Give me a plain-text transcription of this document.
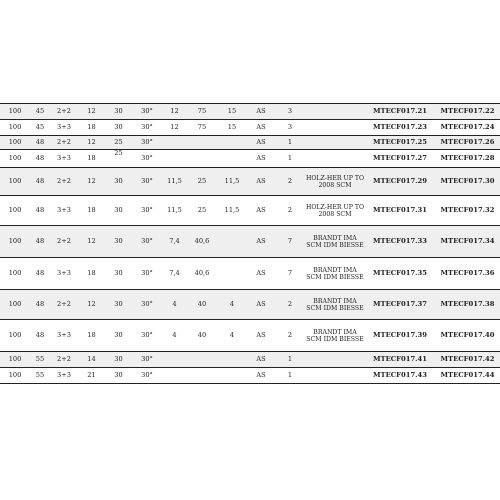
100	45	2+2	12	30	30°	12	75	15	AS	3		MTECF017.21	MTECF017.22
100	45	3+3	18	30	30°	12	75	15	AS	3		MTECF017.23	MTECF017.24
100	48	2+2	12	25	30°				AS	1		MTECF017.25	MTECF017.26
100	48	3+3	18	25	30°				AS	1		MTECF017.27	MTECF017.28
100	48	2+2	12	30	30°	11,5	25	11,5	AS	2	HOLZ-HER UP TO 2008 SCM	MTECF017.29	MTECF017.30
100	48	3+3	18	30	30°	11,5	25	11,5	AS	2	HOLZ-HER UP TO 2008 SCM	MTECF017.31	MTECF017.32
100	48	2+2	12	30	30°	7,4	40,6		AS	7	BRANDT IMA SCM IDM BIESSE	MTECF017.33	MTECF017.34
100	48	3+3	18	30	30°	7,4	40,6		AS	7	BRANDT IMA SCM IDM BIESSE	MTECF017.35	MTECF017.36
100	48	2+2	12	30	30°	4	40	4	AS	2	BRANDT IMA SCM IDM BIESSE	MTECF017.37	MTECF017.38
100	48	3+3	18	30	30°	4	40	4	AS	2	BRANDT IMA SCM IDM BIESSE	MTECF017.39	MTECF017.40
100	55	2+2	14	30	30°				AS	1		MTECF017.41	MTECF017.42
100	55	3+3	21	30	30°				AS	1		MTECF017.43	MTECF017.44
